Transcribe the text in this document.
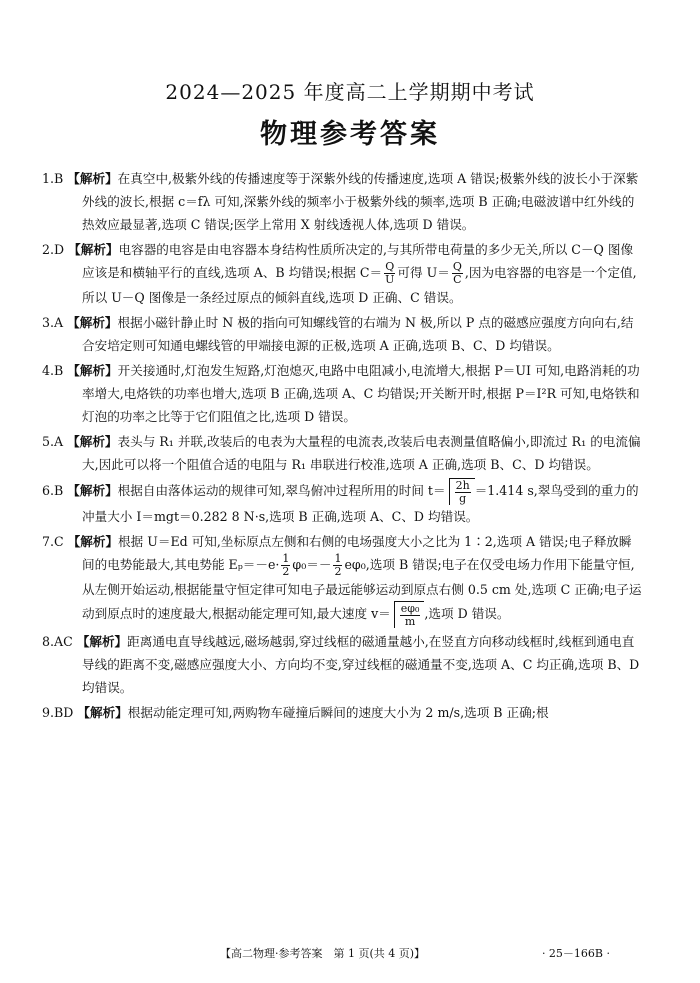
2024—2025 年度高二上学期期中考试
物理参考答案

1.B 【解析】在真空中,极紫外线的传播速度等于深紫外线的传播速度,选项 A 错误;极紫外线的波长小于深紫外线的波长,根据 c＝fλ 可知,深紫外线的频率小于极紫外线的频率,选项 B 正确;电磁波谱中红外线的热效应最显著,选项 C 错误;医学上常用 X 射线透视人体,选项 D 错误。

2.D 【解析】电容器的电容是由电容器本身结构性质所决定的,与其所带电荷量的多少无关,所以 C－Q 图像应该是和横轴平行的直线,选项 A、B 均错误;根据 $C= \frac{Q}{U}$ 可得 $U= \frac{Q}{C}$ ,因为电容器的电容是一个定值,所以 U－Q 图像是一条经过原点的倾斜直线,选项 D 正确、C 错误。

3.A 【解析】根据小磁针静止时 N 极的指向可知螺线管的右端为 N 极,所以 P 点的磁感应强度方向向右,结合安培定则可知通电螺线管的甲端接电源的正极,选项 A 正确,选项 B、C、D 均错误。

4.B 【解析】开关接通时,灯泡发生短路,灯泡熄灭,电路中电阻减小,电流增大,根据 P＝UI 可知,电路消耗的功率增大,电烙铁的功率也增大,选项 B 正确,选项 A、C 均错误;开关断开时,根据 P＝I²R 可知,电烙铁和灯泡的功率之比等于它们阻值之比,选项 D 错误。

5.A 【解析】表头与 R₁ 并联,改装后的电表为大量程的电流表,改装后电表测量值略偏小,即流过 R₁ 的电流偏大,因此可以将一个阻值合适的电阻与 R₁ 串联进行校准,选项 A 正确,选项 B、C、D 均错误。

6.B 【解析】根据自由落体运动的规律可知,翠鸟俯冲过程所用的时间 $t= \frac{2h}{g} =1.414$ s,翠鸟受到的重力的冲量大小 I＝mgt＝0.282 8 N·s,选项 B 正确,选项 A、C、D 均错误。

7.C 【解析】根据 U＝Ed 可知,坐标原点左侧和右侧的电场强度大小之比为 1∶2,选项 A 错误;电子释放瞬间的电势能最大,其电势能 $E_p=-e\cdot \frac{1}{2} \varphi_0=- \frac{1}{2} e\varphi_0$,选项 B 错误;电子在仅受电场力作用下能量守恒,从左侧开始运动,根据能量守恒定律可知电子最远能够运动到原点右侧 0.5 cm 处,选项 C 正确;电子运动到原点时的速度最大,根据动能定理可知,最大速度 $v= \frac{\text{eφ₀}}{m}$ ,选项 D 错误。

8.AC 【解析】距离通电直导线越远,磁场越弱,穿过线框的磁通量越小,在竖直方向移动线框时,线框到通电直导线的距离不变,磁感应强度大小、方向均不变,穿过线框的磁通量不变,选项 A、C 均正确,选项 B、D 均错误。

9.BD 【解析】根据动能定理可知,两购物车碰撞后瞬间的速度大小为 2 m/s,选项 B 正确;根

【高二物理·参考答案　第 1 页(共 4 页)】	· 25－166B ·
